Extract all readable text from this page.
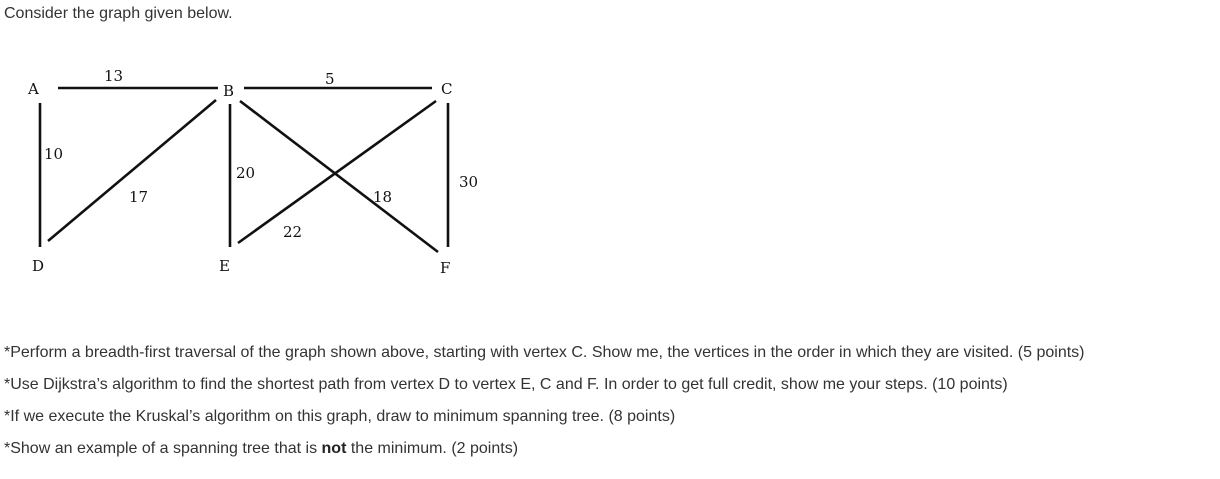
Consider the graph given below.
A	B	C
D	E	F
13	5
10
17
20
18
22
30

*Perform a breadth-first traversal of the graph shown above, starting with vertex C. Show me, the vertices in the order in which they are visited. (5 points)

*Use Dijkstra’s algorithm to find the shortest path from vertex D to vertex E, C and F. In order to get full credit, show me your steps. (10 points)

*If we execute the Kruskal’s algorithm on this graph, draw to minimum spanning tree. (8 points)

*Show an example of a spanning tree that is not the minimum. (2 points)
